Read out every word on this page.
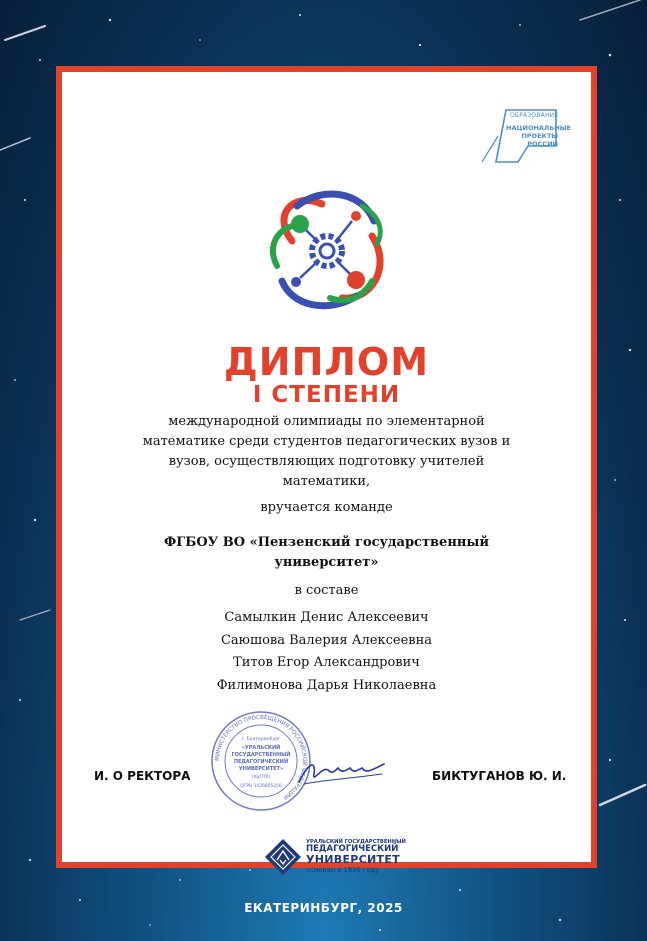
ОБРАЗОВАНИЕ
НАЦИОНАЛЬНЫЕ
ПРОЕКТЫ
РОССИИ
ДИПЛОМ
I СТЕПЕНИ
международной олимпиады по элементарной
математике среди студентов педагогических вузов и
вузов, осуществляющих подготовку учителей
математики,
вручается команде
ФГБОУ ВО «Пензенский государственный
университет»
в составе
Самылкин Денис Алексеевич
Саюшова Валерия Алексеевна
Титов Егор Александрович
Филимонова Дарья Николаевна
И. О РЕКТОРА	БИКТУГАНОВ Ю. И.
МИНИСТЕРСТВО ПРОСВЕЩЕНИЯ РОССИЙСКОЙ ФЕДЕРАЦИИ
г. Екатеринбург
«УРАЛЬСКИЙ
ГОСУДАРСТВЕННЫЙ
ПЕДАГОГИЧЕСКИЙ
УНИВЕРСИТЕТ»
(УрГПУ)
ОГРН 1026605250
УРАЛЬСКИЙ ГОСУДАРСТВЕННЫЙ
ПЕДАГОГИЧЕСКИЙ
УНИВЕРСИТЕТ
основан в 1930 году
ЕКАТЕРИНБУРГ, 2025
